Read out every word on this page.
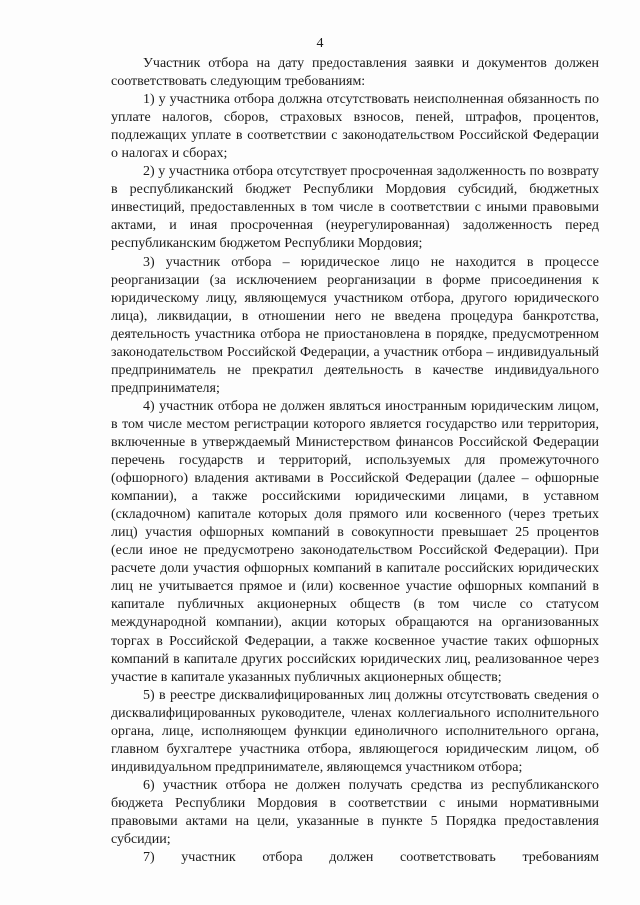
4

Участник отбора на дату предоставления заявки и документов должен соответствовать следующим требованиям:

1) у участника отбора должна отсутствовать неисполненная обязанность по уплате налогов, сборов, страховых взносов, пеней, штрафов, процентов, подлежащих уплате в соответствии с законодательством Российской Федерации о налогах и сборах;

2) у участника отбора отсутствует просроченная задолженность по возврату в республиканский бюджет Республики Мордовия субсидий, бюджетных инвестиций, предоставленных в том числе в соответствии с иными правовыми актами, и иная просроченная (неурегулированная) задолженность перед республиканским бюджетом Республики Мордовия;

3) участник отбора – юридическое лицо не находится в процессе реорганизации (за исключением реорганизации в форме присоединения к юридическому лицу, являющемуся участником отбора, другого юридического лица), ликвидации, в отношении него не введена процедура банкротства, деятельность участника отбора не приостановлена в порядке, предусмотренном законодательством Российской Федерации, а участник отбора – индивидуальный предприниматель не прекратил деятельность в качестве индивидуального предпринимателя;

4) участник отбора не должен являться иностранным юридическим лицом, в том числе местом регистрации которого является государство или территория, включенные в утверждаемый Министерством финансов Российской Федерации перечень государств и территорий, используемых для промежуточного (офшорного) владения активами в Российской Федерации (далее – офшорные компании), а также российскими юридическими лицами, в уставном (складочном) капитале которых доля прямого или косвенного (через третьих лиц) участия офшорных компаний в совокупности превышает 25 процентов (если иное не предусмотрено законодательством Российской Федерации). При расчете доли участия офшорных компаний в капитале российских юридических лиц не учитывается прямое и (или) косвенное участие офшорных компаний в капитале публичных акционерных обществ (в том числе со статусом международной компании), акции которых обращаются на организованных торгах в Российской Федерации, а также косвенное участие таких офшорных компаний в капитале других российских юридических лиц, реализованное через участие в капитале указанных публичных акционерных обществ;

5) в реестре дисквалифицированных лиц должны отсутствовать сведения о дисквалифицированных руководителе, членах коллегиального исполнительного органа, лице, исполняющем функции единоличного исполнительного органа, главном бухгалтере участника отбора, являющегося юридическим лицом, об индивидуальном предпринимателе, являющемся участником отбора;

6) участник отбора не должен получать средства из республиканского бюджета Республики Мордовия в соответствии с иными нормативными правовыми актами на цели, указанные в пункте 5 Порядка предоставления субсидии;

7) участник отбора должен соответствовать требованиям
